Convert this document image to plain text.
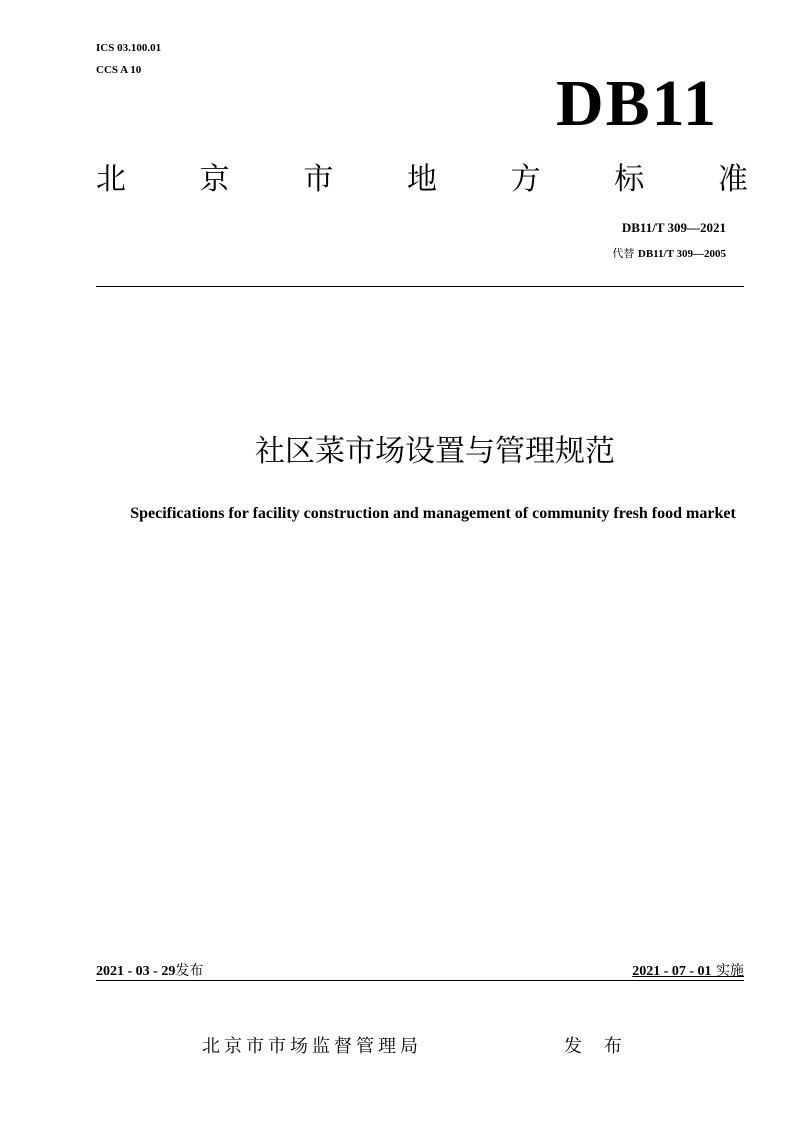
ICS 03.100.01
CCS A 10	DB11
北 京 市 地 方 标 准
DB11/T 309—2021
代替 DB11/T 309—2005
社区菜市场设置与管理规范
Specifications for facility construction and management of community fresh food market
2021 - 03 - 29发布	2021 - 07 - 01 实施
北京市市场监督管理局	发 布
